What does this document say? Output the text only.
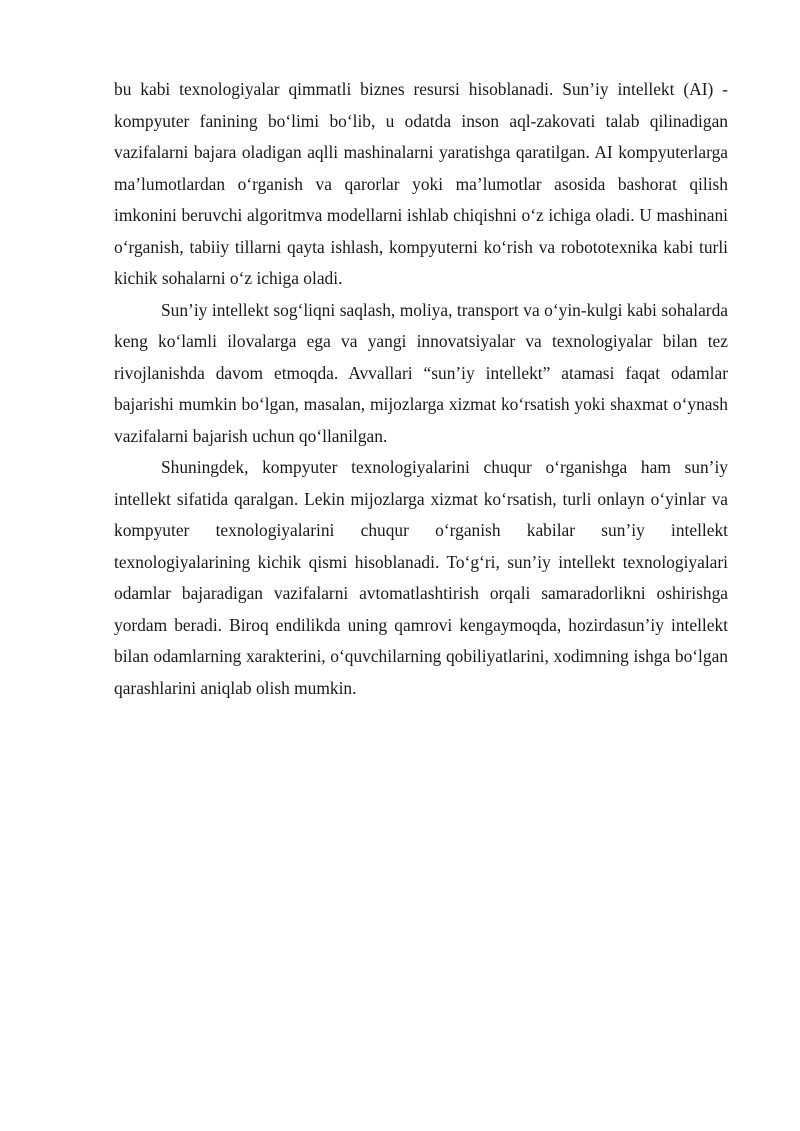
bu kabi texnologiyalar qimmatli biznes resursi hisoblanadi. Sun’iy intellekt (AI) -kompyuter fanining bo‘limi bo‘lib, u odatda inson aql-zakovati talab qilinadigan vazifalarni bajara oladigan aqlli mashinalarni yaratishga qaratilgan. AI kompyuterlarga ma’lumotlardan o‘rganish va qarorlar yoki ma’lumotlar asosida bashorat qilish imkonini beruvchi algoritmva modellarni ishlab chiqishni o‘z ichiga oladi. U mashinani o‘rganish, tabiiy tillarni qayta ishlash, kompyuterni ko‘rish va robototexnika kabi turli kichik sohalarni o‘z ichiga oladi.

Sun’iy intellekt sog‘liqni saqlash, moliya, transport va o‘yin-kulgi kabi sohalarda keng ko‘lamli ilovalarga ega va yangi innovatsiyalar va texnologiyalar bilan tez rivojlanishda davom etmoqda. Avvallari “sun’iy intellekt” atamasi faqat odamlar bajarishi mumkin bo‘lgan, masalan, mijozlarga xizmat ko‘rsatish yoki shaxmat o‘ynash vazifalarni bajarish uchun qo‘llanilgan.

Shuningdek, kompyuter texnologiyalarini chuqur o‘rganishga ham sun’iy intellekt sifatida qaralgan. Lekin mijozlarga xizmat ko‘rsatish, turli onlayn o‘yinlar va kompyuter texnologiyalarini chuqur o‘rganish kabilar sun’iy intellekt texnologiyalarining kichik qismi hisoblanadi. To‘g‘ri, sun’iy intellekt texnologiyalari odamlar bajaradigan vazifalarni avtomatlashtirish orqali samaradorlikni oshirishga yordam beradi. Biroq endilikda uning qamrovi kengaymoqda, hozirdasun’iy intellekt bilan odamlarning xarakterini, o‘quvchilarning qobiliyatlarini, xodimning ishga bo‘lgan qarashlarini aniqlab olish mumkin.
